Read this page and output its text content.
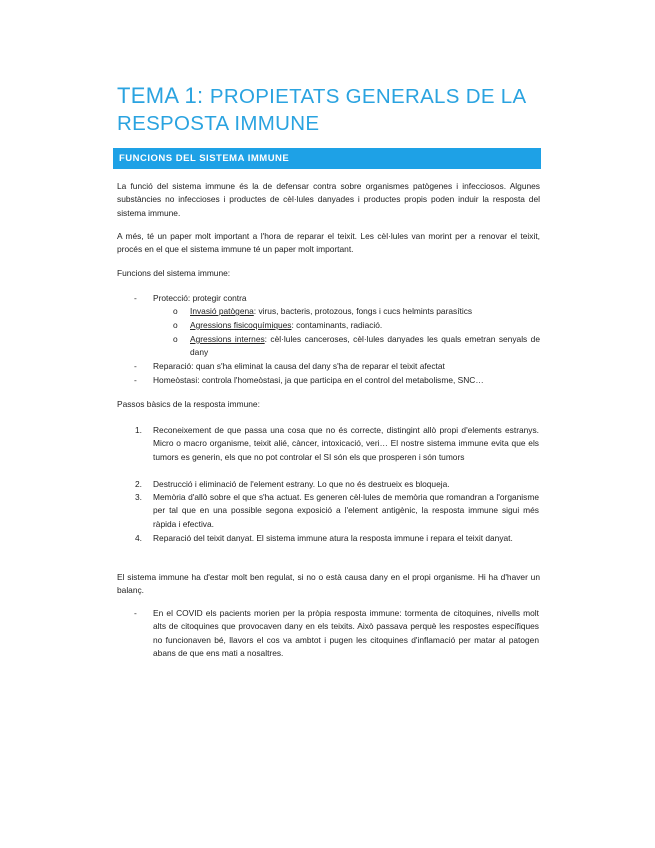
TEMA 1: PROPIETATS GENERALS DE LA RESPOSTA IMMUNE
FUNCIONS DEL SISTEMA IMMUNE

La funció del sistema immune és la de defensar contra sobre organismes patògenes i infecciosos. Algunes substàncies no infeccioses i productes de cèl·lules danyades i productes propis poden induir la resposta del sistema immune.

A més, té un paper molt important a l'hora de reparar el teixit. Les cèl·lules van morint per a renovar el teixit, procés en el que el sistema immune té un paper molt important.

Funcions del sistema immune:

- Protecció: protegir contra

o Invasió patògena: virus, bacteris, protozous, fongs i cucs helmints parasítics

o Agressions fisicoquímiques: contaminants, radiació.

o Agressions internes: cèl·lules canceroses, cèl·lules danyades les quals emetran senyals de dany

- Reparació: quan s'ha eliminat la causa del dany s'ha de reparar el teixit afectat

- Homeòstasi: controla l'homeòstasi, ja que participa en el control del metabolisme, SNC…

Passos bàsics de la resposta immune:

1. Reconeixement de que passa una cosa que no és correcte, distingint allò propi d'elements estranys. Micro o macro organisme, teixit alié, càncer, intoxicació, veri… El nostre sistema immune evita que els tumors es generin, els que no pot controlar el SI són els que prosperen i són tumors

2. Destrucció i eliminació de l'element estrany. Lo que no és destrueix es bloqueja.

3. Memòria d'allò sobre el que s'ha actuat. Es generen cèl·lules de memòria que romandran a l'organisme per tal que en una possible segona exposició a l'element antigènic, la resposta immune sigui més ràpida i efectiva.

4. Reparació del teixit danyat. El sistema immune atura la resposta immune i repara el teixit danyat.

El sistema immune ha d'estar molt ben regulat, si no o està causa dany en el propi organisme. Hi ha d'haver un balanç.

- En el COVID els pacients morien per la pròpia resposta immune: tormenta de citoquines, nivells molt alts de citoquines que provocaven dany en els teixits. Això passava perquè les respostes específiques no funcionaven bé, llavors el cos va ambtot i pugen les citoquines d'inflamació per matar al patogen abans de que ens mati a nosaltres.
